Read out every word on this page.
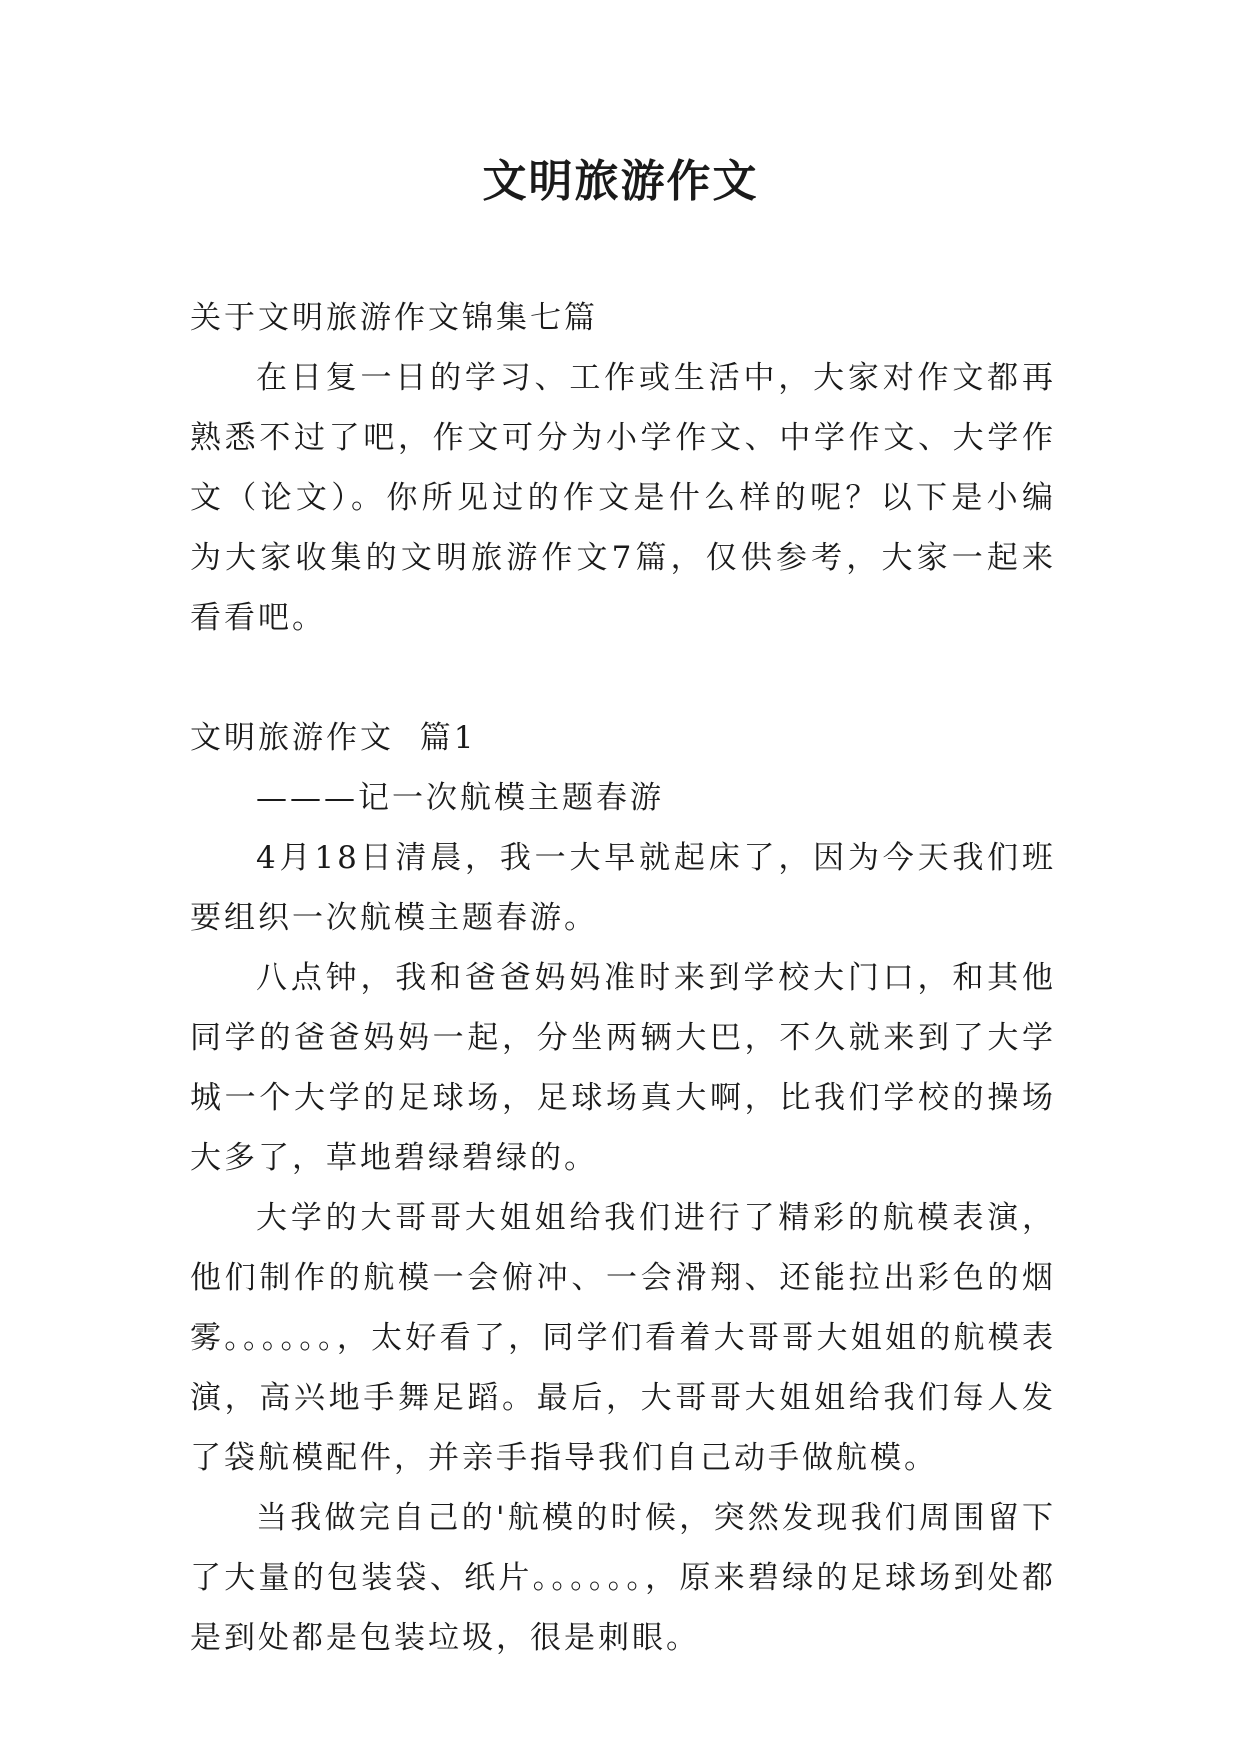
文明旅游作文

关于文明旅游作文锦集七篇

在日复一日的学习、工作或生活中，大家对作文都再熟悉不过了吧，作文可分为小学作文、中学作文、大学作文（论文）。你所见过的作文是什么样的呢？以下是小编为大家收集的文明旅游作文7篇，仅供参考，大家一起来看看吧。

文明旅游作文  篇1

———记一次航模主题春游

4月18日清晨，我一大早就起床了，因为今天我们班要组织一次航模主题春游。

八点钟，我和爸爸妈妈准时来到学校大门口，和其他同学的爸爸妈妈一起，分坐两辆大巴，不久就来到了大学城一个大学的足球场，足球场真大啊，比我们学校的操场大多了，草地碧绿碧绿的。

大学的大哥哥大姐姐给我们进行了精彩的航模表演，他们制作的航模一会俯冲、一会滑翔、还能拉出彩色的烟雾。。。。。。，太好看了，同学们看着大哥哥大姐姐的航模表演，高兴地手舞足蹈。最后，大哥哥大姐姐给我们每人发了袋航模配件，并亲手指导我们自己动手做航模。

当我做完自己的'航模的时候，突然发现我们周围留下了大量的包装袋、纸片。。。。。。，原来碧绿的足球场到处都是到处都是包装垃圾，很是刺眼。
